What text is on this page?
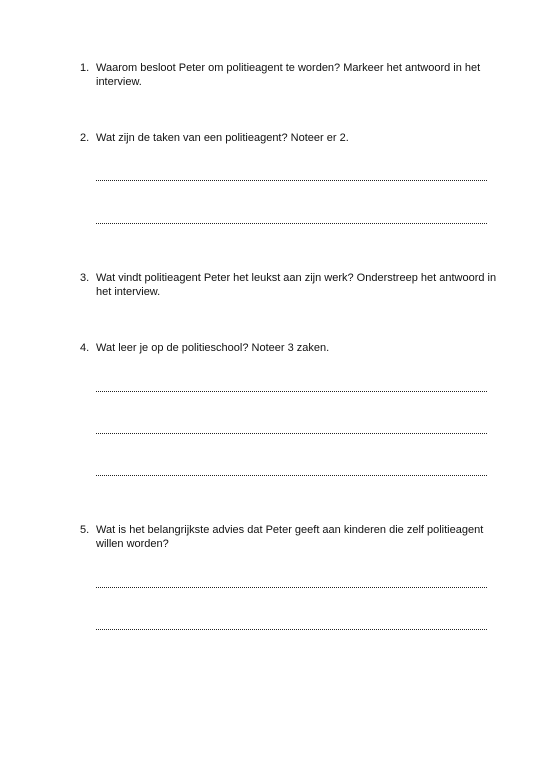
1. Waarom besloot Peter om politieagent te worden? Markeer het antwoord in het interview.
2. Wat zijn de taken van een politieagent? Noteer er 2.
3. Wat vindt politieagent Peter het leukst aan zijn werk? Onderstreep het antwoord in het interview.
4. Wat leer je op de politieschool? Noteer 3 zaken.
5. Wat is het belangrijkste advies dat Peter geeft aan kinderen die zelf politieagent willen worden?
